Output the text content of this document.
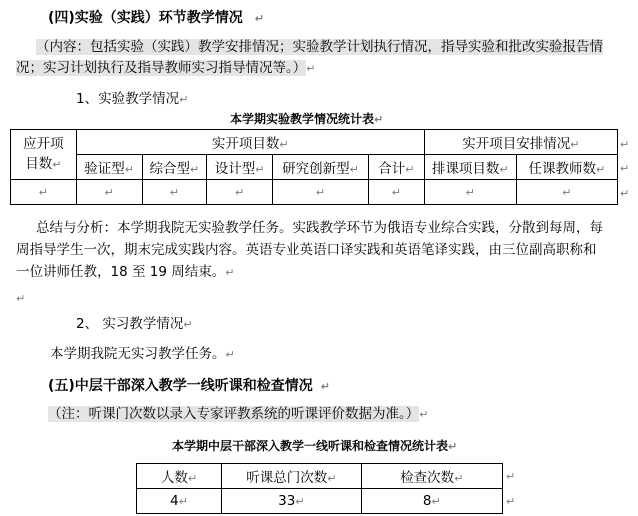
(四)实验（实践）环节教学情况 ↵
（内容：包括实验（实践）教学安排情况；实验教学计划执行情况，指导实验和批改实验报告情
况；实习计划执行及指导教师实习指导情况等。）↵
1、实验教学情况↵
本学期实验教学情况统计表↵
应开项
目数↵	实开项目数↵					实开项目安排情况↵	
	验证型↵	综合型↵	设计型↵	研究创新型↵	合计↵	排课项目数↵	任课教师数↵
↵	↵	↵	↵	↵	↵	↵	↵
总结与分析：本学期我院无实验教学任务。实践教学环节为俄语专业综合实践，分散到每周，每
周指导学生一次，期末完成实践内容。英语专业英语口译实践和英语笔译实践，由三位副高职称和
一位讲师任教，18 至 19 周结束。↵
↵
2、 实习教学情况↵
本学期我院无实习教学任务。↵
(五)中层干部深入教学一线听课和检查情况 ↵
（注：听课门次数以录入专家评教系统的听课评价数据为准。）↵
本学期中层干部深入教学一线听课和检查情况统计表↵
人数↵	听课总门次数↵	检查次数↵
4↵	33↵	8↵
↵
↵
↵
↵
↵
